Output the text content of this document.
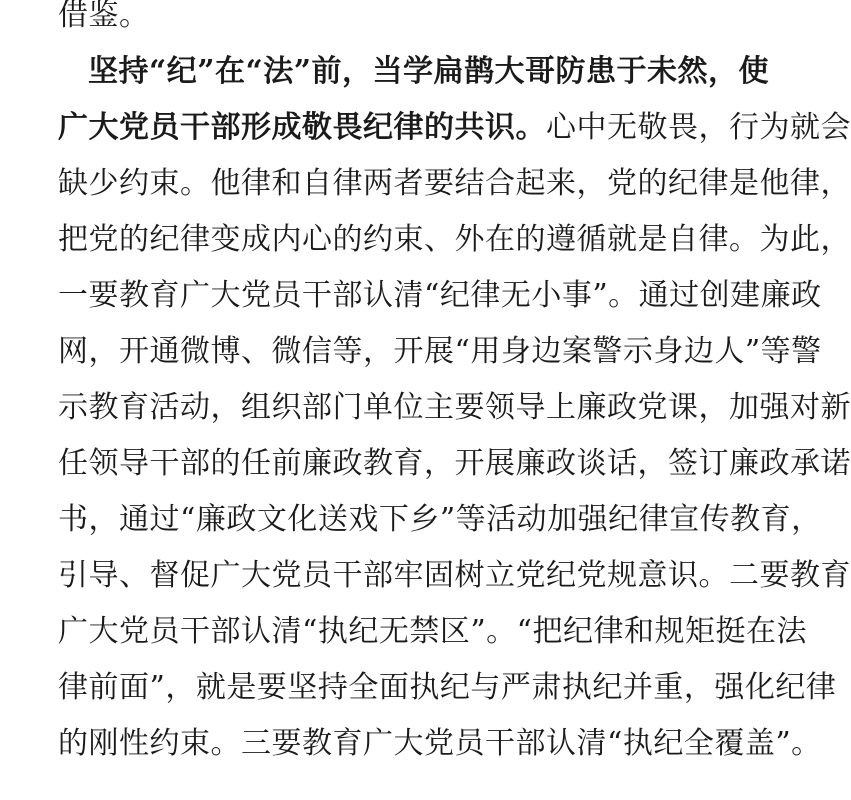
借鉴。
坚持“纪”在“法”前，当学扁鹊大哥防患于未然，使
广大党员干部形成敬畏纪律的共识。心中无敬畏，行为就会
缺少约束。他律和自律两者要结合起来，党的纪律是他律，
把党的纪律变成内心的约束、外在的遵循就是自律。为此，
一要教育广大党员干部认清“纪律无小事”。通过创建廉政
网，开通微博、微信等，开展“用身边案警示身边人”等警
示教育活动，组织部门单位主要领导上廉政党课，加强对新
任领导干部的任前廉政教育，开展廉政谈话，签订廉政承诺
书，通过“廉政文化送戏下乡”等活动加强纪律宣传教育，
引导、督促广大党员干部牢固树立党纪党规意识。二要教育
广大党员干部认清“执纪无禁区”。“把纪律和规矩挺在法
律前面”，就是要坚持全面执纪与严肃执纪并重，强化纪律
的刚性约束。三要教育广大党员干部认清“执纪全覆盖”。
